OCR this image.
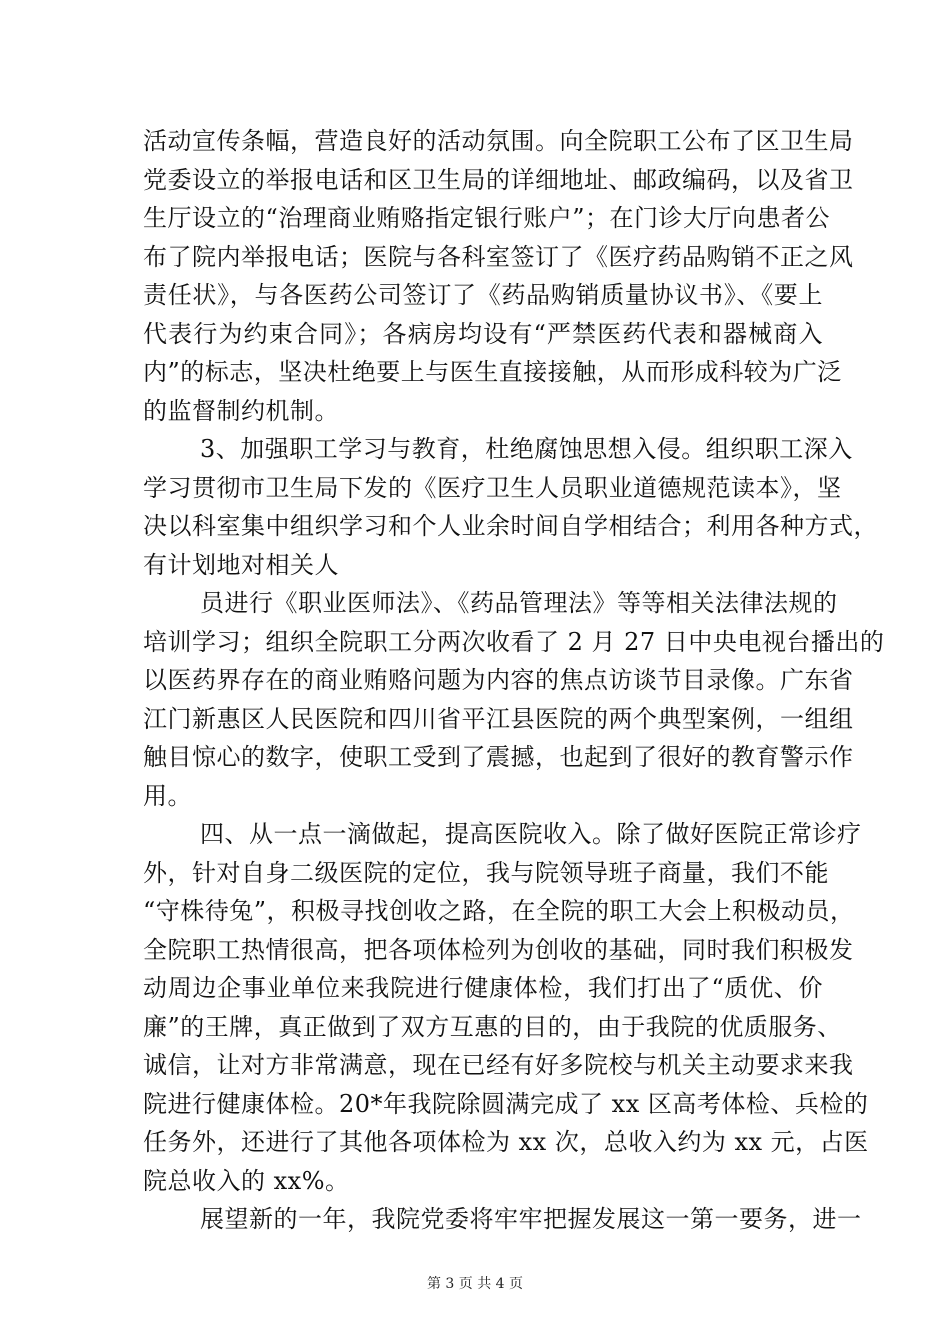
活动宣传条幅，营造良好的活动氛围。向全院职工公布了区卫生局
党委设立的举报电话和区卫生局的详细地址、邮政编码，以及省卫
生厅设立的“治理商业贿赂指定银行账户”；在门诊大厅向患者公
布了院内举报电话；医院与各科室签订了《医疗药品购销不正之风
责任状》，与各医药公司签订了《药品购销质量协议书》、《要上
代表行为约束合同》；各病房均设有“严禁医药代表和器械商入
内”的标志，坚决杜绝要上与医生直接接触，从而形成科较为广泛
的监督制约机制。
3、加强职工学习与教育，杜绝腐蚀思想入侵。组织职工深入
学习贯彻市卫生局下发的《医疗卫生人员职业道德规范读本》，坚
决以科室集中组织学习和个人业余时间自学相结合；利用各种方式，
有计划地对相关人
员进行《职业医师法》、《药品管理法》等等相关法律法规的
培训学习；组织全院职工分两次收看了 2 月 27 日中央电视台播出的
以医药界存在的商业贿赂问题为内容的焦点访谈节目录像。广东省
江门新惠区人民医院和四川省平江县医院的两个典型案例，一组组
触目惊心的数字，使职工受到了震撼，也起到了很好的教育警示作
用。
四、从一点一滴做起，提高医院收入。除了做好医院正常诊疗
外，针对自身二级医院的定位，我与院领导班子商量，我们不能
“守株待兔”，积极寻找创收之路，在全院的职工大会上积极动员，
全院职工热情很高，把各项体检列为创收的基础，同时我们积极发
动周边企事业单位来我院进行健康体检，我们打出了“质优、价
廉”的王牌，真正做到了双方互惠的目的，由于我院的优质服务、
诚信，让对方非常满意，现在已经有好多院校与机关主动要求来我
院进行健康体检。20*年我院除圆满完成了 xx 区高考体检、兵检的
任务外，还进行了其他各项体检为 xx 次，总收入约为 xx 元，占医
院总收入的 xx%。
展望新的一年，我院党委将牢牢把握发展这一第一要务，进一
第 3 页 共 4 页
